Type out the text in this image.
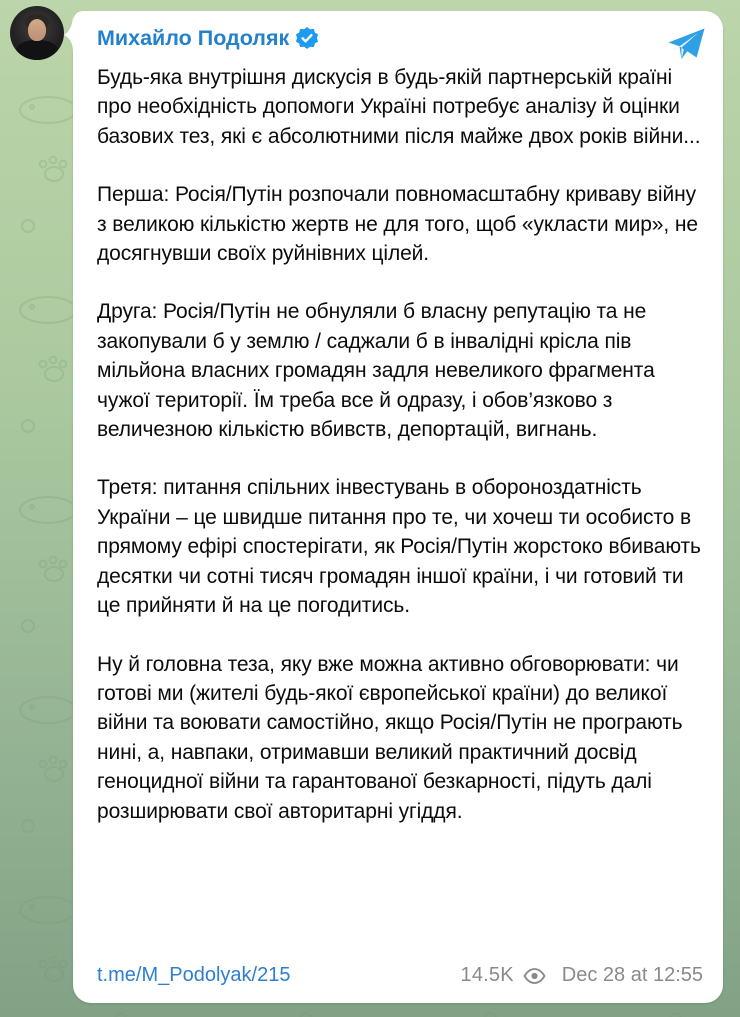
Михайло Подоляк

Будь-яка внутрішня дискусія в будь-якій партнерській країні про необхідність допомоги Україні потребує аналізу й оцінки базових тез, які є абсолютними після майже двох років війни...

Перша: Росія/Путін розпочали повномасштабну криваву війну з великою кількістю жертв не для того, щоб «укласти мир», не досягнувши своїх руйнівних цілей.

Друга: Росія/Путін не обнуляли б власну репутацію та не закопували б у землю / саджали б в інвалідні крісла пів мільйона власних громадян задля невеликого фрагмента чужої території. Їм треба все й одразу, і обов’язково з величезною кількістю вбивств, депортацій, вигнань.

Третя: питання спільних інвестувань в обороноздатність України – це швидше питання про те, чи хочеш ти особисто в прямому ефірі спостерігати, як Росія/Путін жорстоко вбивають десятки чи сотні тисяч громадян іншої країни, і чи готовий ти це прийняти й на це погодитись.

Ну й головна теза, яку вже можна активно обговорювати: чи готові ми (жителі будь-якої європейської країни) до великої війни та воювати самостійно, якщо Росія/Путін не програють нині, а, навпаки, отримавши великий практичний досвід геноцидної війни та гарантованої безкарності, підуть далі розширювати свої авторитарні угіддя.

t.me/M_Podolyak/215	14.5K Dec 28 at 12:55
